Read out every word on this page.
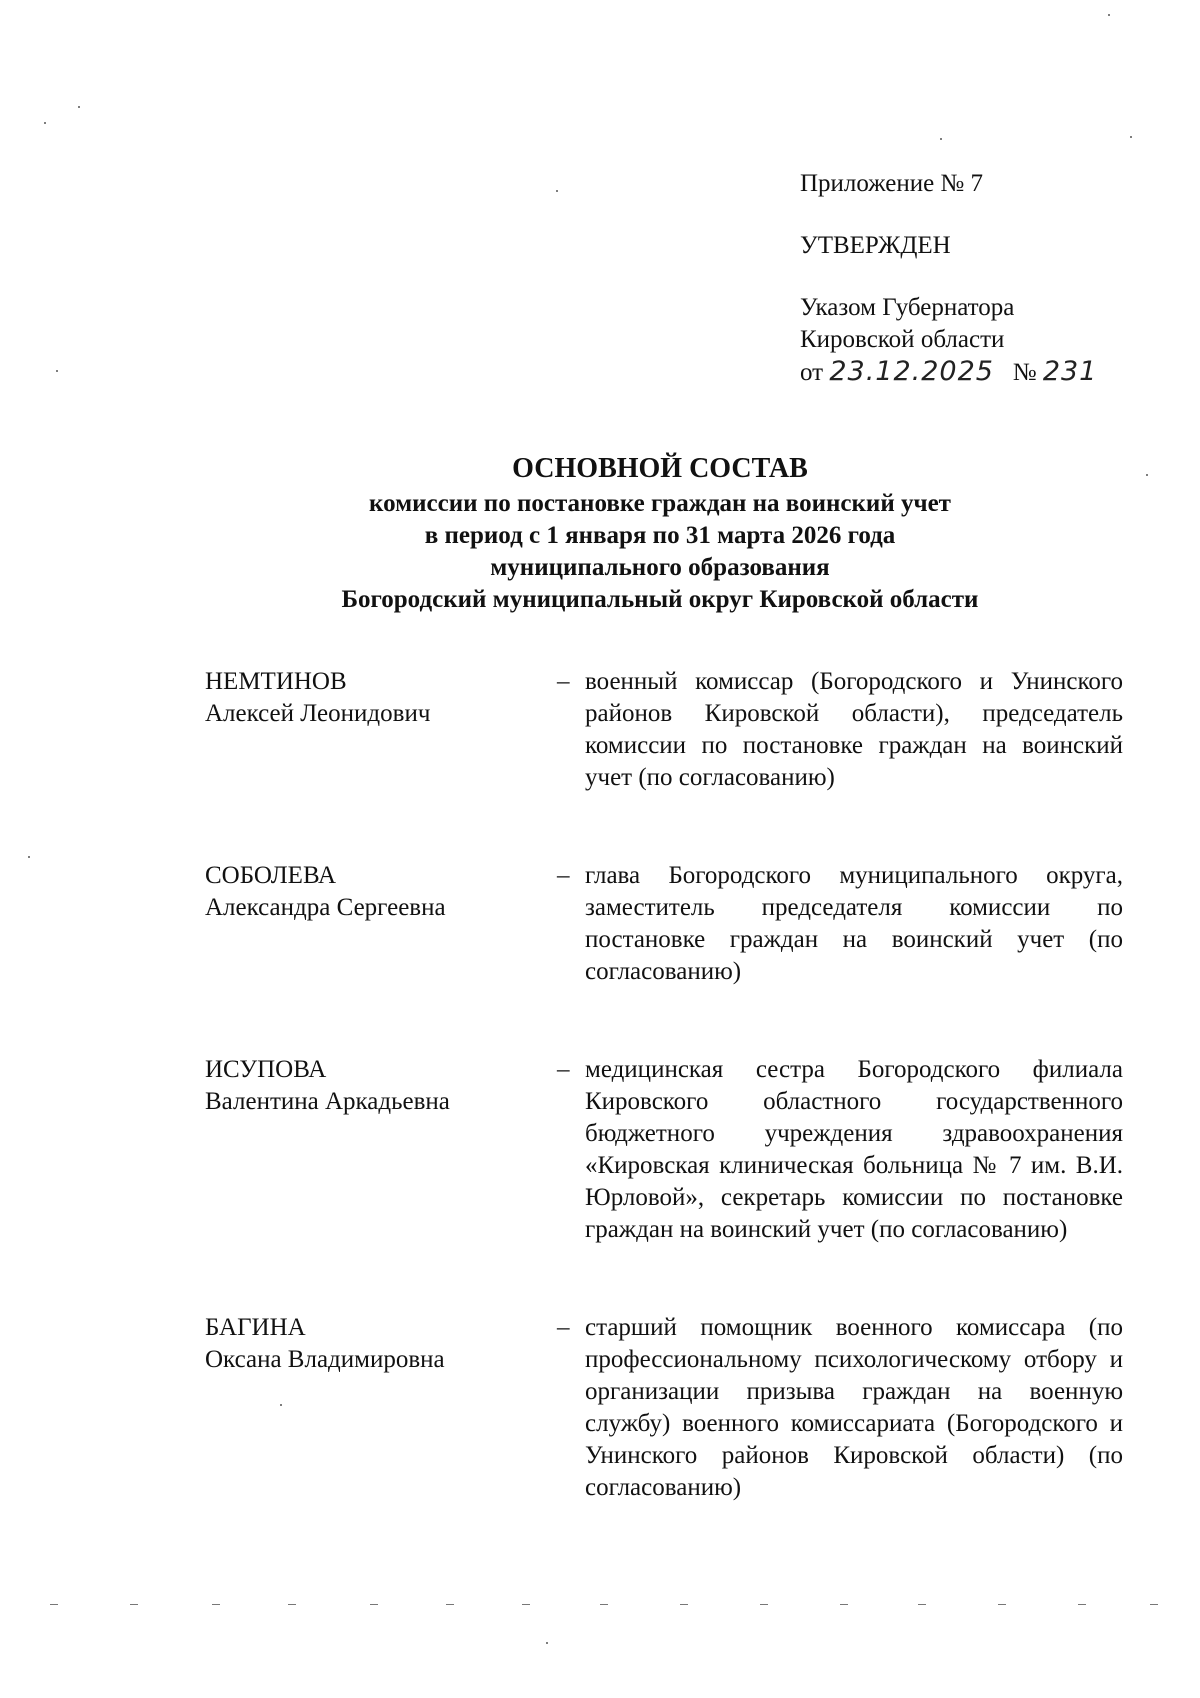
Приложение № 7
УТВЕРЖДЕН
Указом Губернатора
Кировской области
от 23.12.2025 № 231
ОСНОВНОЙ СОСТАВ
комиссии по постановке граждан на воинский учет
в период с 1 января по 31 марта 2026 года
муниципального образования
Богородский муниципальный округ Кировской области
НЕМТИНОВ
Алексей Леонидович
– военный комиссар (Богородского и Унинского районов Кировской области), председатель комиссии по постановке граждан на воинский учет (по согласованию)
СОБОЛЕВА
Александра Сергеевна
– глава Богородского муниципального округа, заместитель председателя комиссии по постановке граждан на воинский учет (по согласованию)
ИСУПОВА
Валентина Аркадьевна
– медицинская сестра Богородского филиала Кировского областного государственного бюджетного учреждения здравоохранения «Кировская клиническая больница № 7 им. В.И. Юрловой», секретарь комиссии по постановке граждан на воинский учет (по согласованию)
БАГИНА
Оксана Владимировна
– старший помощник военного комиссара (по профессиональному психологическому отбору и организации призыва граждан на военную службу) военного комиссариата (Богородского и Унинского районов Кировской области) (по согласованию)
